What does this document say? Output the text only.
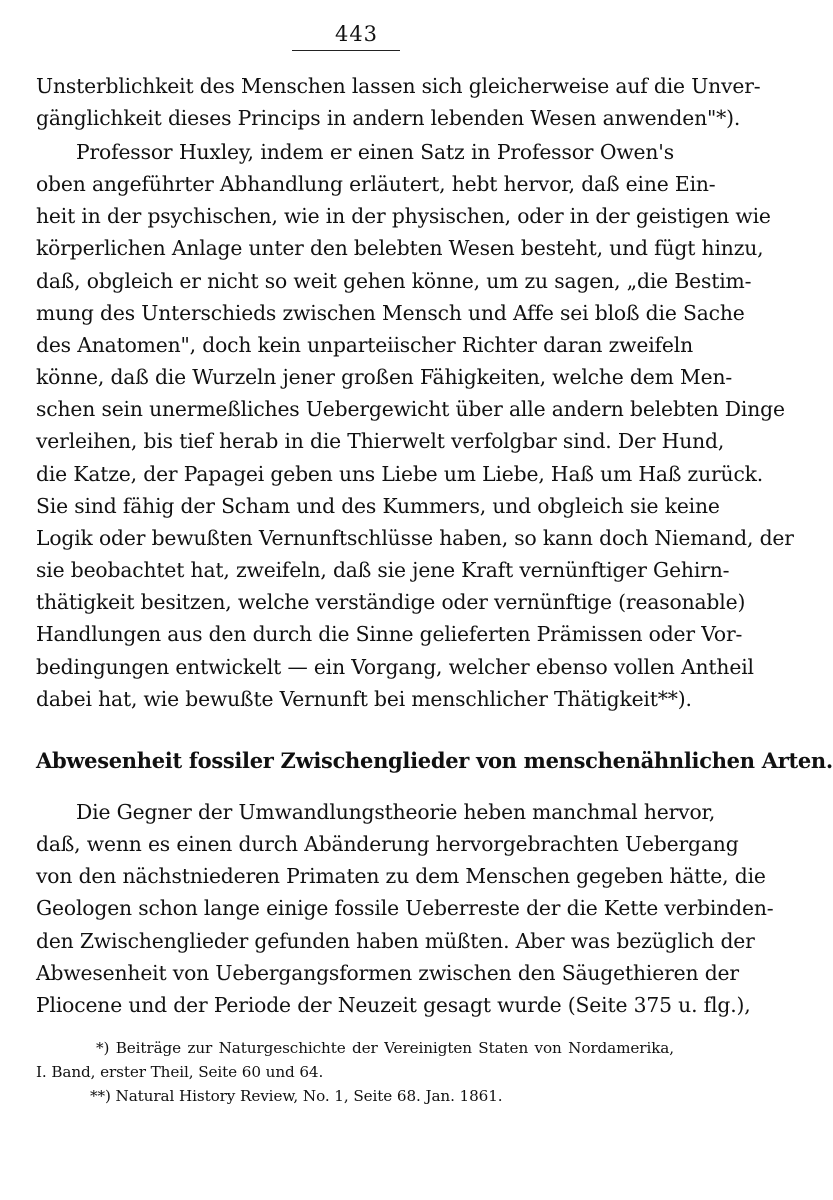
443
Unsterblichkeit des Menschen lassen sich gleicherweise auf die Unver-
gänglichkeit dieses Princips in andern lebenden Wesen anwenden"*).
Professor Huxley, indem er einen Satz in Professor Owen's
oben angeführter Abhandlung erläutert, hebt hervor, daß eine Ein-
heit in der psychischen, wie in der physischen, oder in der geistigen wie
körperlichen Anlage unter den belebten Wesen besteht, und fügt hinzu,
daß, obgleich er nicht so weit gehen könne, um zu sagen, „die Bestim-
mung des Unterschieds zwischen Mensch und Affe sei bloß die Sache
des Anatomen", doch kein unparteiischer Richter daran zweifeln
könne, daß die Wurzeln jener großen Fähigkeiten, welche dem Men-
schen sein unermeßliches Uebergewicht über alle andern belebten Dinge
verleihen, bis tief herab in die Thierwelt verfolgbar sind. Der Hund,
die Katze, der Papagei geben uns Liebe um Liebe, Haß um Haß zurück.
Sie sind fähig der Scham und des Kummers, und obgleich sie keine
Logik oder bewußten Vernunftschlüsse haben, so kann doch Niemand, der
sie beobachtet hat, zweifeln, daß sie jene Kraft vernünftiger Gehirn-
thätigkeit besitzen, welche verständige oder vernünftige (reasonable)
Handlungen aus den durch die Sinne gelieferten Prämissen oder Vor-
bedingungen entwickelt — ein Vorgang, welcher ebenso vollen Antheil
dabei hat, wie bewußte Vernunft bei menschlicher Thätigkeit**).
Abwesenheit fossiler Zwischenglieder von menschenähnlichen Arten.
Die Gegner der Umwandlungstheorie heben manchmal hervor,
daß, wenn es einen durch Abänderung hervorgebrachten Uebergang
von den nächstniederen Primaten zu dem Menschen gegeben hätte, die
Geologen schon lange einige fossile Ueberreste der die Kette verbinden-
den Zwischenglieder gefunden haben müßten. Aber was bezüglich der
Abwesenheit von Uebergangsformen zwischen den Säugethieren der
Pliocene und der Periode der Neuzeit gesagt wurde (Seite 375 u. flg.),
*) Beiträge zur Naturgeschichte der Vereinigten Staten von Nordamerika,
I. Band, erster Theil, Seite 60 und 64.
**) Natural History Review, No. 1, Seite 68. Jan. 1861.
